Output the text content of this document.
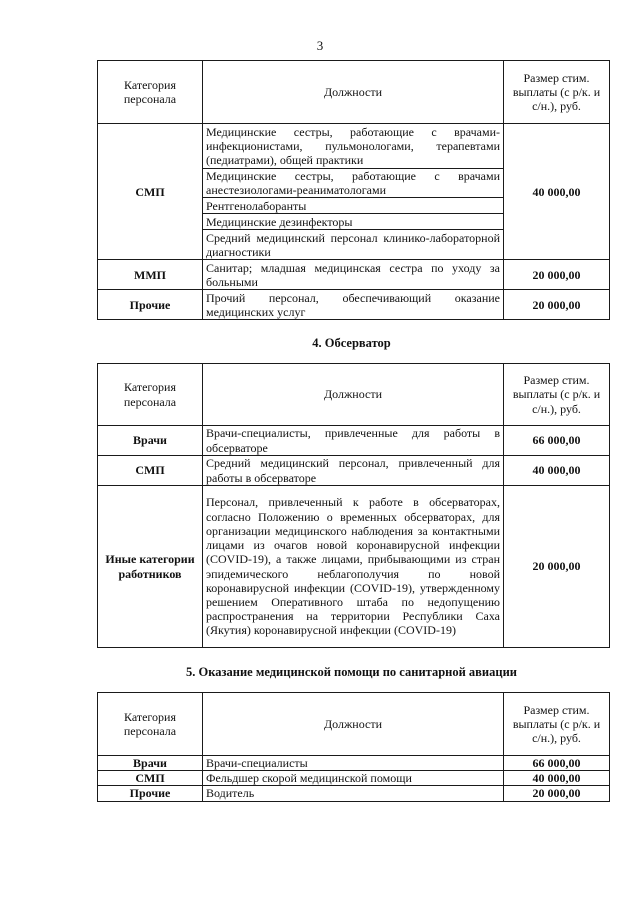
3
Категория персонала	Должности	Размер стим. выплаты (с р/к. и с/н.), руб.
СМП	Медицинские сестры, работающие с врачами-инфекционистами, пульмонологами, терапевтами (педиатрами), общей практики	40 000,00
	Медицинские сестры, работающие с врачами анестезиологами-реаниматологами	
	Рентгенолаборанты	
	Медицинские дезинфекторы	
	Средний медицинский персонал клинико-лабораторной диагностики	
ММП	Санитар; младшая медицинская сестра по уходу за больными	20 000,00
Прочие	Прочий персонал, обеспечивающий оказание медицинских услуг	20 000,00
4. Обсерватор
Категория персонала	Должности	Размер стим. выплаты (с р/к. и с/н.), руб.
Врачи	Врачи-специалисты, привлеченные для работы в обсерваторе	66 000,00
СМП	Средний медицинский персонал, привлеченный для работы в обсерваторе	40 000,00
Иные категории работников	Персонал, привлеченный к работе в обсерваторах, согласно Положению о временных обсерваторах, для организации медицинского наблюдения за контактными лицами из очагов новой коронавирусной инфекции (COVID-19), а также лицами, прибывающими из стран эпидемического неблагополучия по новой коронавирусной инфекции (COVID-19), утвержденному решением Оперативного штаба по недопущению распространения на территории Республики Саха (Якутия) коронавирусной инфекции (COVID-19)	20 000,00
5. Оказание медицинской помощи по санитарной авиации
Категория персонала	Должности	Размер стим. выплаты (с р/к. и с/н.), руб.
Врачи	Врачи-специалисты	66 000,00
СМП	Фельдшер скорой медицинской помощи	40 000,00
Прочие	Водитель	20 000,00
